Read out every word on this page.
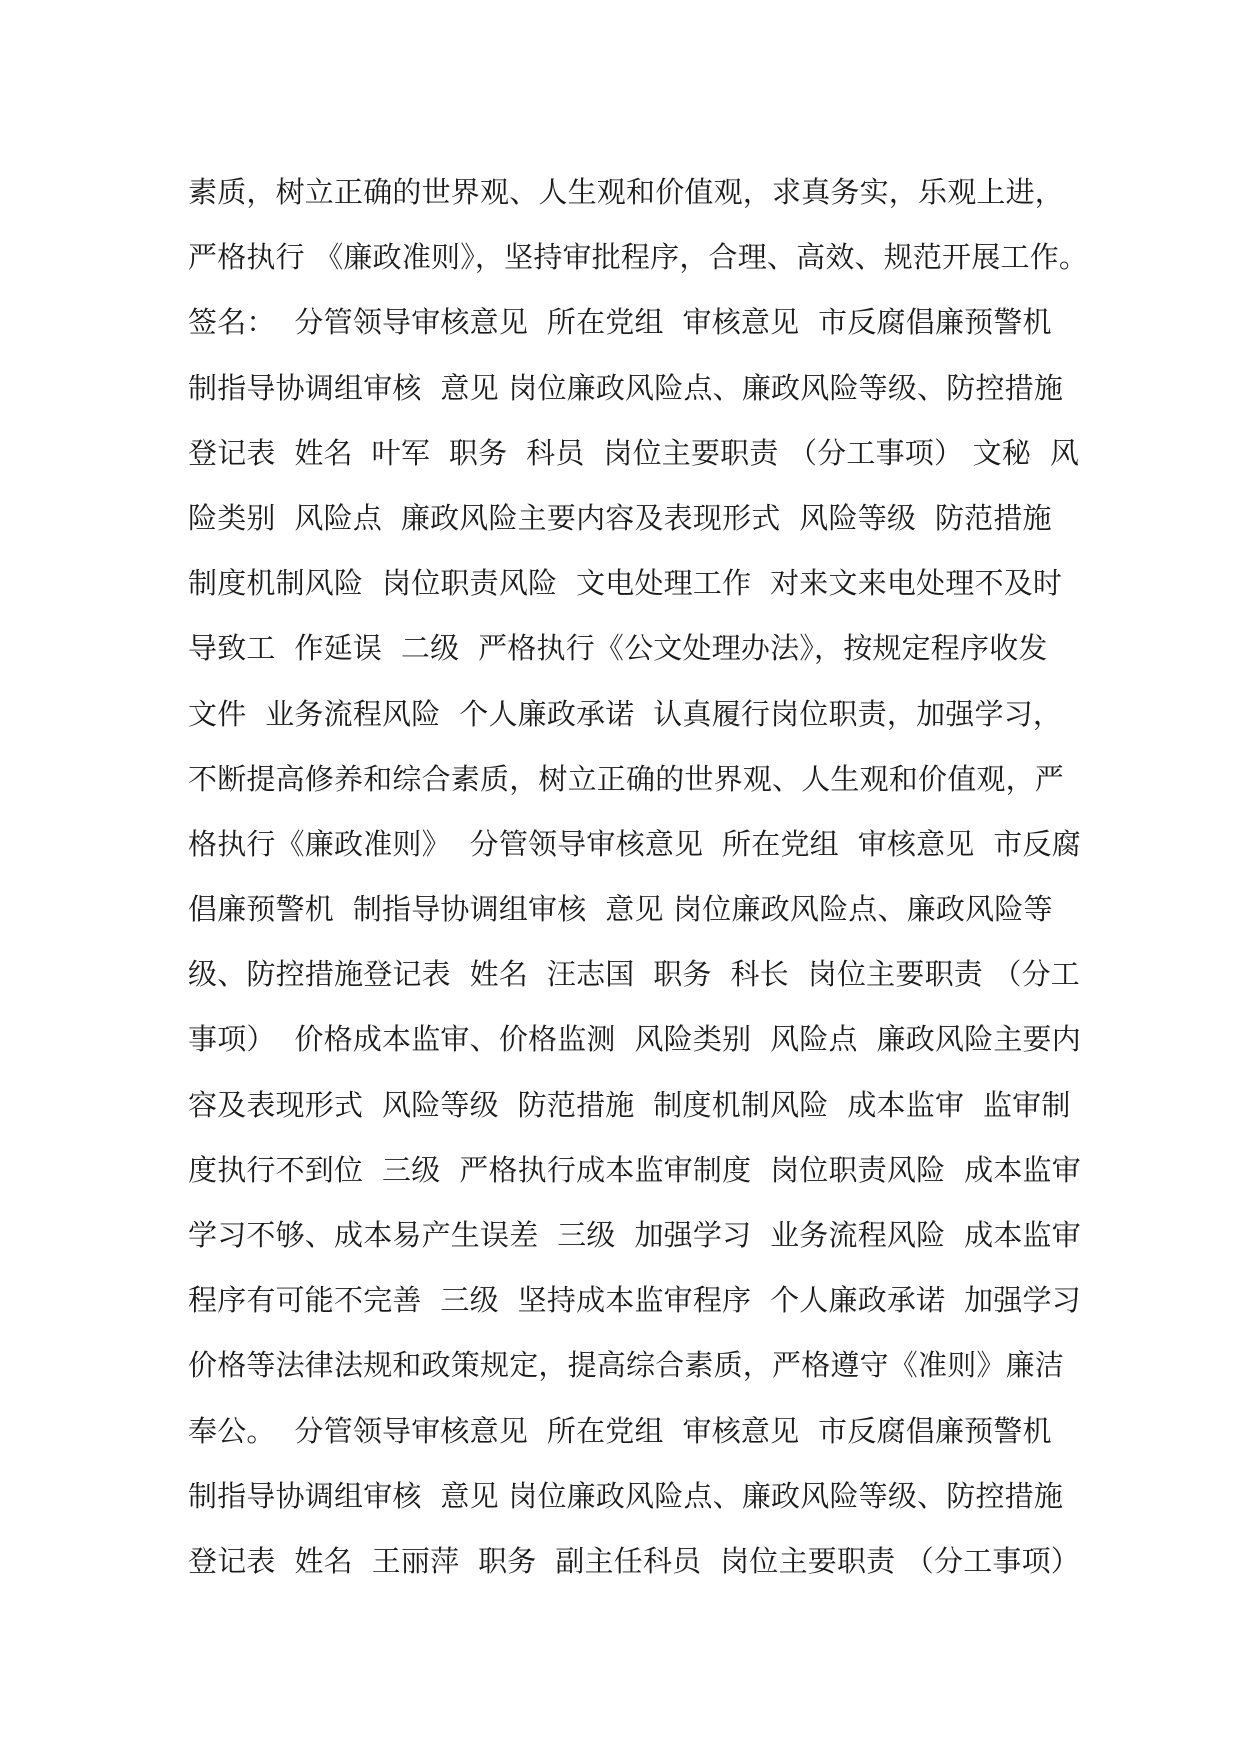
素质，树立正确的世界观、人生观和价值观，求真务实，乐观上进，
严格执行 《廉政准则》，坚持审批程序，合理、高效、规范开展工作。
签名：  分管领导审核意见  所在党组  审核意见  市反腐倡廉预警机
制指导协调组审核  意见 岗位廉政风险点、廉政风险等级、防控措施
登记表  姓名  叶军  职务  科员  岗位主要职责 （分工事项） 文秘  风
险类别  风险点  廉政风险主要内容及表现形式  风险等级  防范措施
制度机制风险  岗位职责风险  文电处理工作  对来文来电处理不及时
导致工  作延误  二级  严格执行《公文处理办法》，按规定程序收发
文件  业务流程风险  个人廉政承诺  认真履行岗位职责，加强学习，
不断提高修养和综合素质，树立正确的世界观、人生观和价值观，严
格执行《廉政准则》  分管领导审核意见  所在党组  审核意见  市反腐
倡廉预警机  制指导协调组审核  意见 岗位廉政风险点、廉政风险等
级、防控措施登记表  姓名  汪志国  职务  科长  岗位主要职责 （分工
事项）  价格成本监审、价格监测  风险类别  风险点  廉政风险主要内
容及表现形式  风险等级  防范措施  制度机制风险  成本监审  监审制
度执行不到位  三级  严格执行成本监审制度  岗位职责风险  成本监审
学习不够、成本易产生误差  三级  加强学习  业务流程风险  成本监审
程序有可能不完善  三级  坚持成本监审程序  个人廉政承诺  加强学习
价格等法律法规和政策规定，提高综合素质，严格遵守《准则》廉洁
奉公。  分管领导审核意见  所在党组  审核意见  市反腐倡廉预警机
制指导协调组审核  意见 岗位廉政风险点、廉政风险等级、防控措施
登记表  姓名  王丽萍  职务  副主任科员  岗位主要职责 （分工事项）
